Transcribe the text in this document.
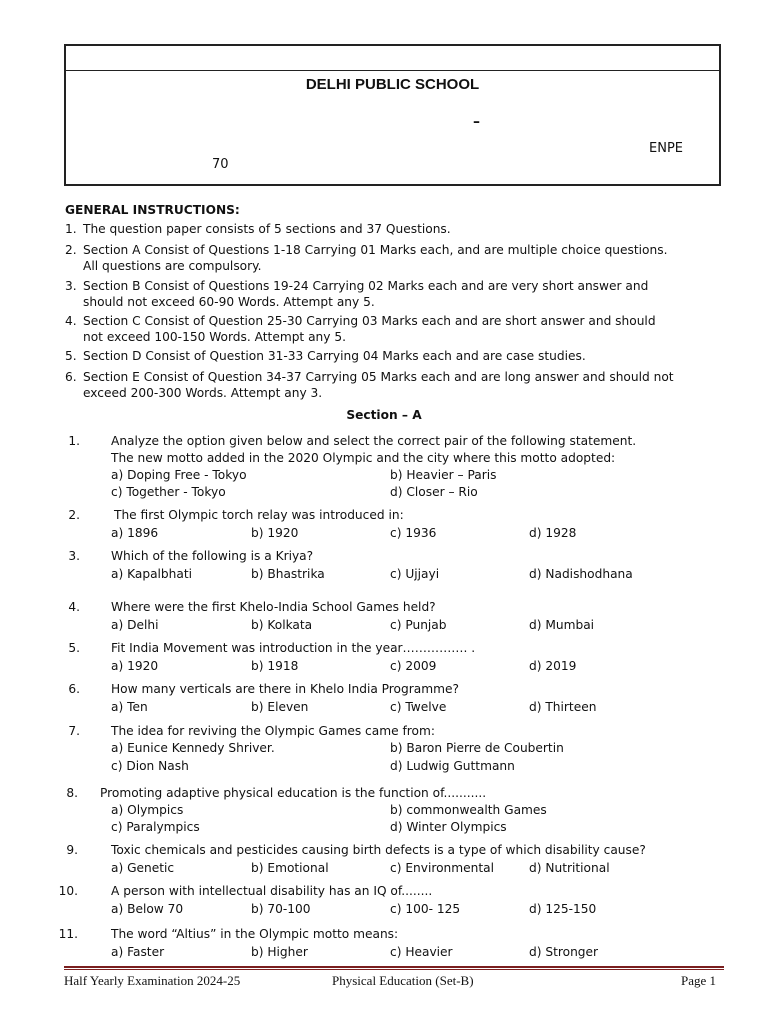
DELHI PUBLIC SCHOOL
–
ENPE
70
GENERAL INSTRUCTIONS:
1. The question paper consists of 5 sections and 37 Questions.
2. Section A Consist of Questions 1-18 Carrying 01 Marks each, and are multiple choice questions.
All questions are compulsory.
3. Section B Consist of Questions 19-24 Carrying 02 Marks each and are very short answer and
should not exceed 60-90 Words. Attempt any 5.
4. Section C Consist of Question 25-30 Carrying 03 Marks each and are short answer and should
not exceed 100-150 Words. Attempt any 5.
5. Section D Consist of Question 31-33 Carrying 04 Marks each and are case studies.
6. Section E Consist of Question 34-37 Carrying 05 Marks each and are long answer and should not
exceed 200-300 Words. Attempt any 3.
Section – A
1.	Analyze the option given below and select the correct pair of the following statement.
The new motto added in the 2020 Olympic and the city where this motto adopted:
a) Doping Free - Tokyo	b) Heavier – Paris
c) Together - Tokyo	d) Closer – Rio
2.	The first Olympic torch relay was introduced in:
a) 1896	b) 1920	c) 1936	d) 1928
3.	Which of the following is a Kriya?
a) Kapalbhati	b) Bhastrika	c) Ujjayi	d) Nadishodhana
4.	Where were the first Khelo-India School Games held?
a) Delhi	b) Kolkata	c) Punjab	d) Mumbai
5.	Fit India Movement was introduction in the year……………. .
a) 1920	b) 1918	c) 2009	d) 2019
6.	How many verticals are there in Khelo India Programme?
a) Ten	b) Eleven	c) Twelve	d) Thirteen
7.	The idea for reviving the Olympic Games came from:
a) Eunice Kennedy Shriver.	b) Baron Pierre de Coubertin
c) Dion Nash	d) Ludwig Guttmann
8. Promoting adaptive physical education is the function of...........
a) Olympics	b) commonwealth Games
c) Paralympics	d) Winter Olympics
9.	Toxic chemicals and pesticides causing birth defects is a type of which disability cause?
a) Genetic	b) Emotional	c) Environmental	d) Nutritional
10.	A person with intellectual disability has an IQ of........
a) Below 70	b) 70-100	c) 100- 125	d) 125-150
11.	The word “Altius” in the Olympic motto means:
a) Faster	b) Higher	c) Heavier	d) Stronger
Half Yearly Examination 2024-25	Physical Education (Set-B)	Page 1
